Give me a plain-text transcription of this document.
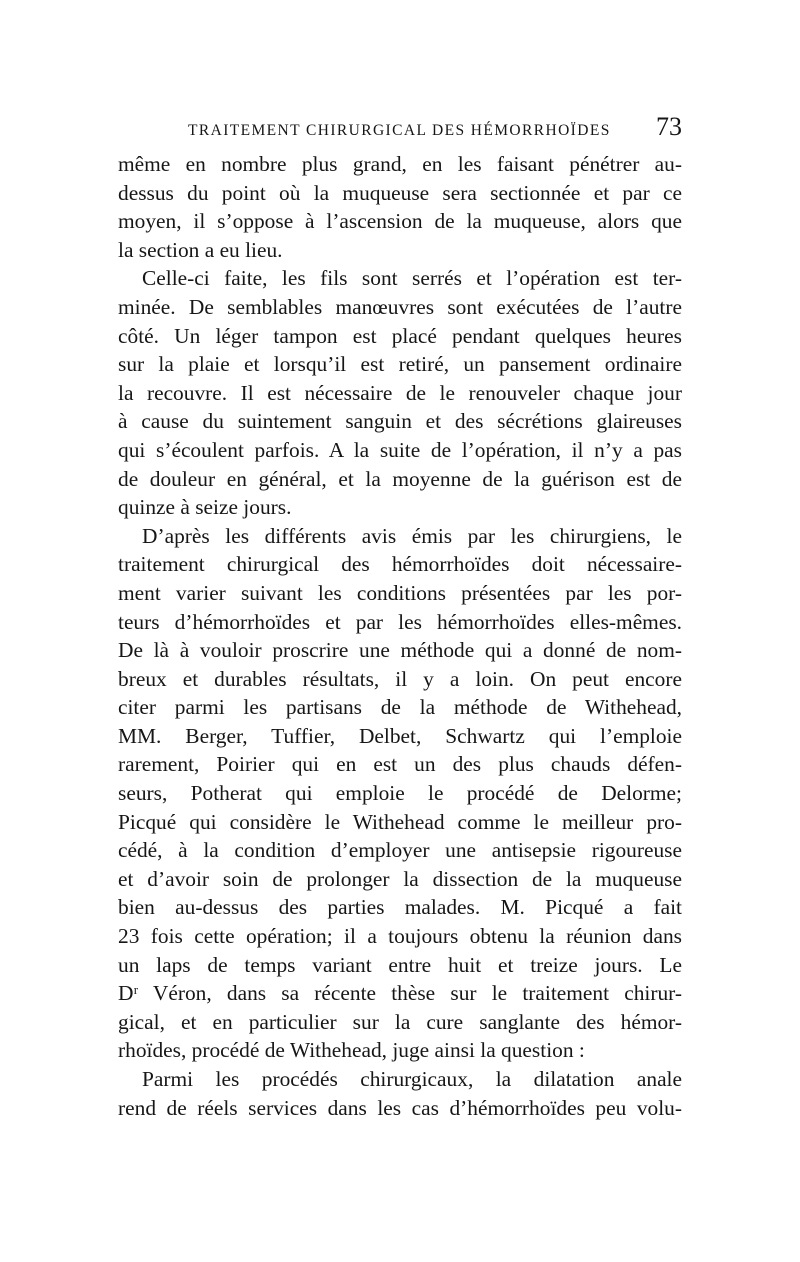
TRAITEMENT CHIRURGICAL DES HÉMORRHOÏDES 73

même en nombre plus grand, en les faisant pénétrer au-
dessus du point où la muqueuse sera sectionnée et par ce
moyen, il s’oppose à l’ascension de la muqueuse, alors que
la section a eu lieu.

Celle-ci faite, les fils sont serrés et l’opération est ter-
minée. De semblables manœuvres sont exécutées de l’autre
côté. Un léger tampon est placé pendant quelques heures
sur la plaie et lorsqu’il est retiré, un pansement ordinaire
la recouvre. Il est nécessaire de le renouveler chaque jour
à cause du suintement sanguin et des sécrétions glaireuses
qui s’écoulent parfois. A la suite de l’opération, il n’y a pas
de douleur en général, et la moyenne de la guérison est de
quinze à seize jours.

D’après les différents avis émis par les chirurgiens, le
traitement chirurgical des hémorrhoïdes doit nécessaire-
ment varier suivant les conditions présentées par les por-
teurs d’hémorrhoïdes et par les hémorrhoïdes elles-mêmes.
De là à vouloir proscrire une méthode qui a donné de nom-
breux et durables résultats, il y a loin. On peut encore
citer parmi les partisans de la méthode de Withehead,
MM. Berger, Tuffier, Delbet, Schwartz qui l’emploie
rarement, Poirier qui en est un des plus chauds défen-
seurs, Potherat qui emploie le procédé de Delorme;
Picqué qui considère le Withehead comme le meilleur pro-
cédé, à la condition d’employer une antisepsie rigoureuse
et d’avoir soin de prolonger la dissection de la muqueuse
bien au-dessus des parties malades. M. Picqué a fait
23 fois cette opération; il a toujours obtenu la réunion dans
un laps de temps variant entre huit et treize jours. Le
Dʳ Véron, dans sa récente thèse sur le traitement chirur-
gical, et en particulier sur la cure sanglante des hémor-
rhoïdes, procédé de Withehead, juge ainsi la question :

Parmi les procédés chirurgicaux, la dilatation anale
rend de réels services dans les cas d’hémorrhoïdes peu volu-
